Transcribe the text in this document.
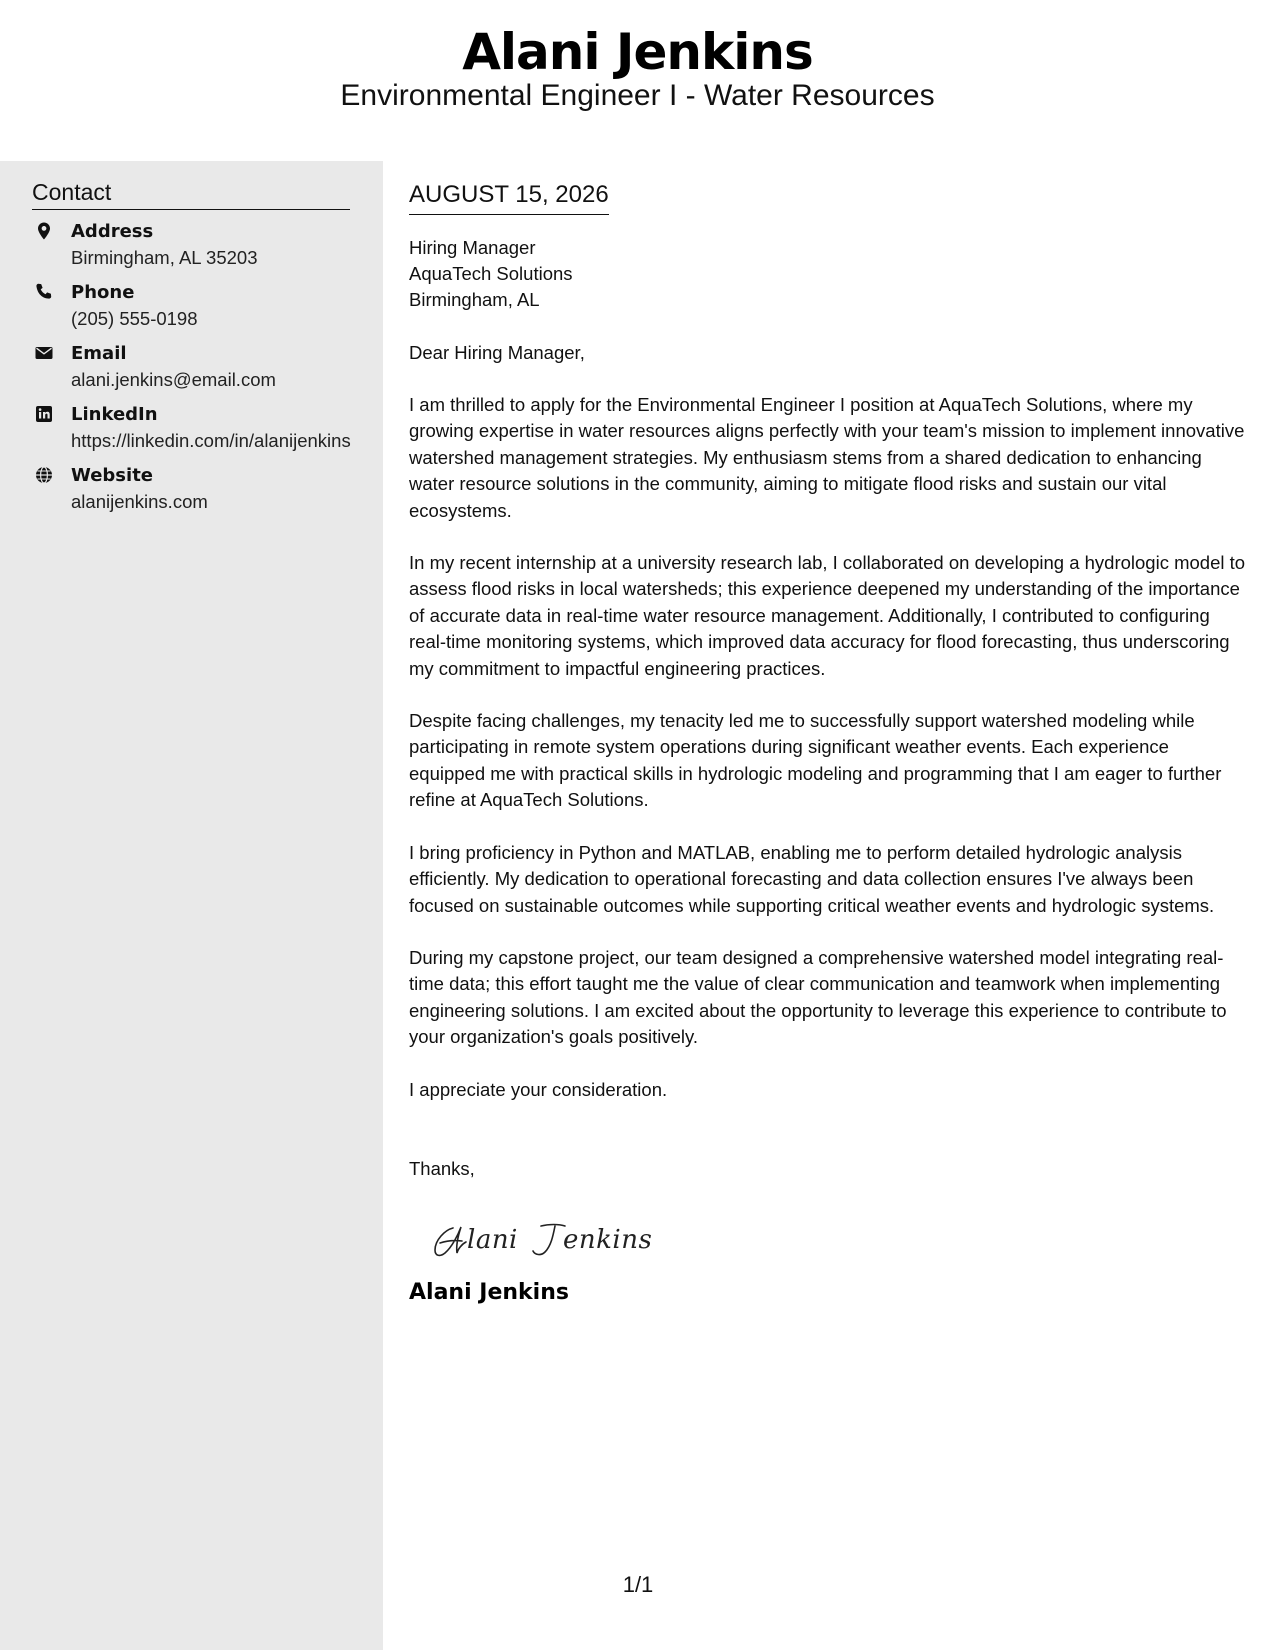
Alani Jenkins
Environmental Engineer I - Water Resources
Contact
Address
Birmingham, AL 35203
Phone
(205) 555-0198
Email
alani.jenkins@email.com
LinkedIn
https://linkedin.com/in/alanijenkins
Website
alanijenkins.com
AUGUST 15, 2026
Hiring Manager
AquaTech Solutions
Birmingham, AL
Dear Hiring Manager,
I am thrilled to apply for the Environmental Engineer I position at AquaTech Solutions, where my growing expertise in water resources aligns perfectly with your team's mission to implement innovative watershed management strategies. My enthusiasm stems from a shared dedication to enhancing water resource solutions in the community, aiming to mitigate flood risks and sustain our vital ecosystems.
In my recent internship at a university research lab, I collaborated on developing a hydrologic model to assess flood risks in local watersheds; this experience deepened my understanding of the importance of accurate data in real-time water resource management. Additionally, I contributed to configuring real-time monitoring systems, which improved data accuracy for flood forecasting, thus underscoring my commitment to impactful engineering practices.
Despite facing challenges, my tenacity led me to successfully support watershed modeling while participating in remote system operations during significant weather events. Each experience equipped me with practical skills in hydrologic modeling and programming that I am eager to further refine at AquaTech Solutions.
I bring proficiency in Python and MATLAB, enabling me to perform detailed hydrologic analysis efficiently. My dedication to operational forecasting and data collection ensures I've always been focused on sustainable outcomes while supporting critical weather events and hydrologic systems.
During my capstone project, our team designed a comprehensive watershed model integrating real-time data; this effort taught me the value of clear communication and teamwork when implementing engineering solutions. I am excited about the opportunity to leverage this experience to contribute to your organization's goals positively.
I appreciate your consideration.
Thanks,
lani enkins
Alani Jenkins
1/1
